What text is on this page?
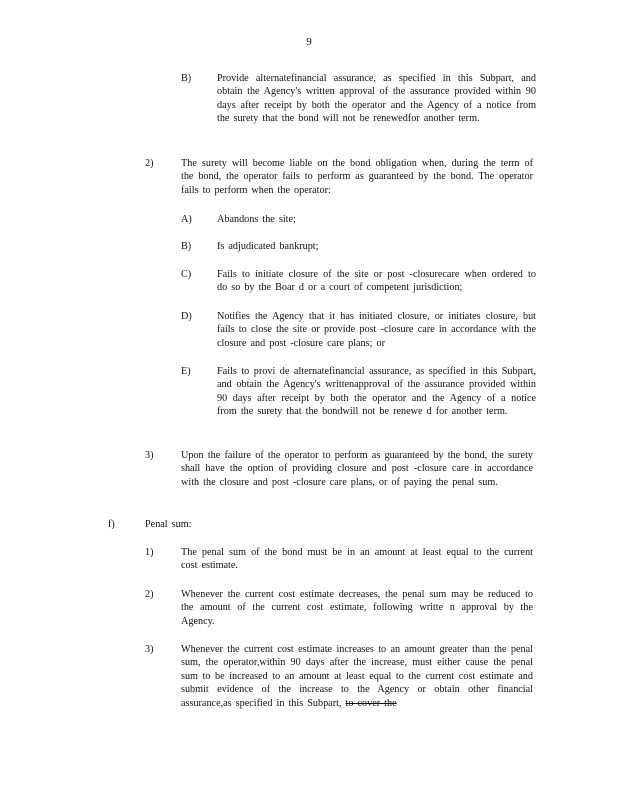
9
B)	Provide alternatefinancial assurance, as specified in this Subpart, and obtain the Agency's written approval of the assurance provided within 90 days after receipt by both the operator and the Agency of a notice from the surety that the bond will not be renewedfor another term.
2)	The surety will become liable on the bond obligation when, during the term of the bond, the operator fails to perform as guaranteed by the bond. The operator fails to perform when the operator:
A) Abandons the site;
B)	Is adjudicated bankrupt;
C)	Fails to initiate closure of the site or post -closurecare when ordered to do so by the Boar d or a court of competent jurisdiction;
D) Notifies the Agency that it has initiated closure, or initiates closure, but fails to close the site or provide post -closure care in accordance with the closure and post -closure care plans; or
E)	Fails to provi de alternatefinancial assurance, as specified in this Subpart, and obtain the Agency's writtenapproval of the assurance provided within 90 days after receipt by both the operator and the Agency of a notice from the surety that the bondwill not be renewe d for another term.
3)	Upon the failure of the operator to perform as guaranteed by the bond, the surety shall have the option of providing closure and post -closure care in accordance with the closure and post -closure care plans, or of paying the penal sum.
f)	Penal sum:
1)	The penal sum of the bond must be in an amount at least equal to the current cost estimate.
2)	Whenever the current cost estimate decreases, the penal sum may be reduced to the amount of the current cost estimate, following writte n approval by the Agency.
3)	Whenever the current cost estimate increases to an amount greater than the penal sum, the operator,within 90 days after the increase, must either cause the penal sum to be increased to an amount at least equal to the current cost estimate and submit evidence of the increase to the Agency or obtain other financial assurance,as specified in this Subpart, to cover the
